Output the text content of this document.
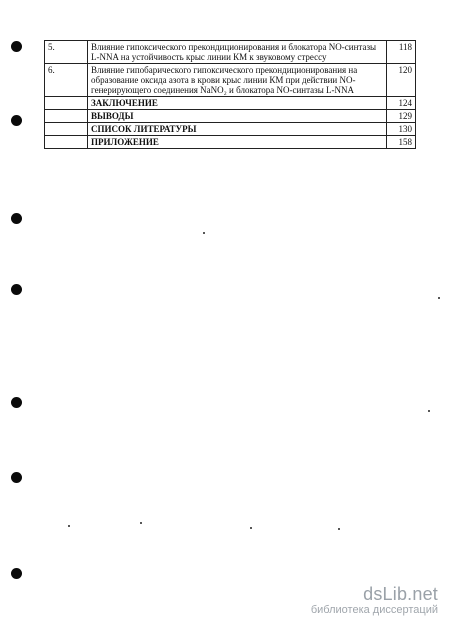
5.	Влияние гипоксического прекондиционирования и блокатора NO-синтазы L-NNA на устойчивость крыс линии КМ к звуковому стрессу	118
6.	Влияние гипобарического гипоксического прекондиционирования на образование оксида азота в крови крыс линии КМ при действии NO-генерирующего соединения NaNO₂ и блокатора NO-синтазы L-NNA	120
	ЗАКЛЮЧЕНИЕ	124
	ВЫВОДЫ	129
	СПИСОК ЛИТЕРАТУРЫ	130
	ПРИЛОЖЕНИЕ	158
dsLib.net
библиотека диссертаций
